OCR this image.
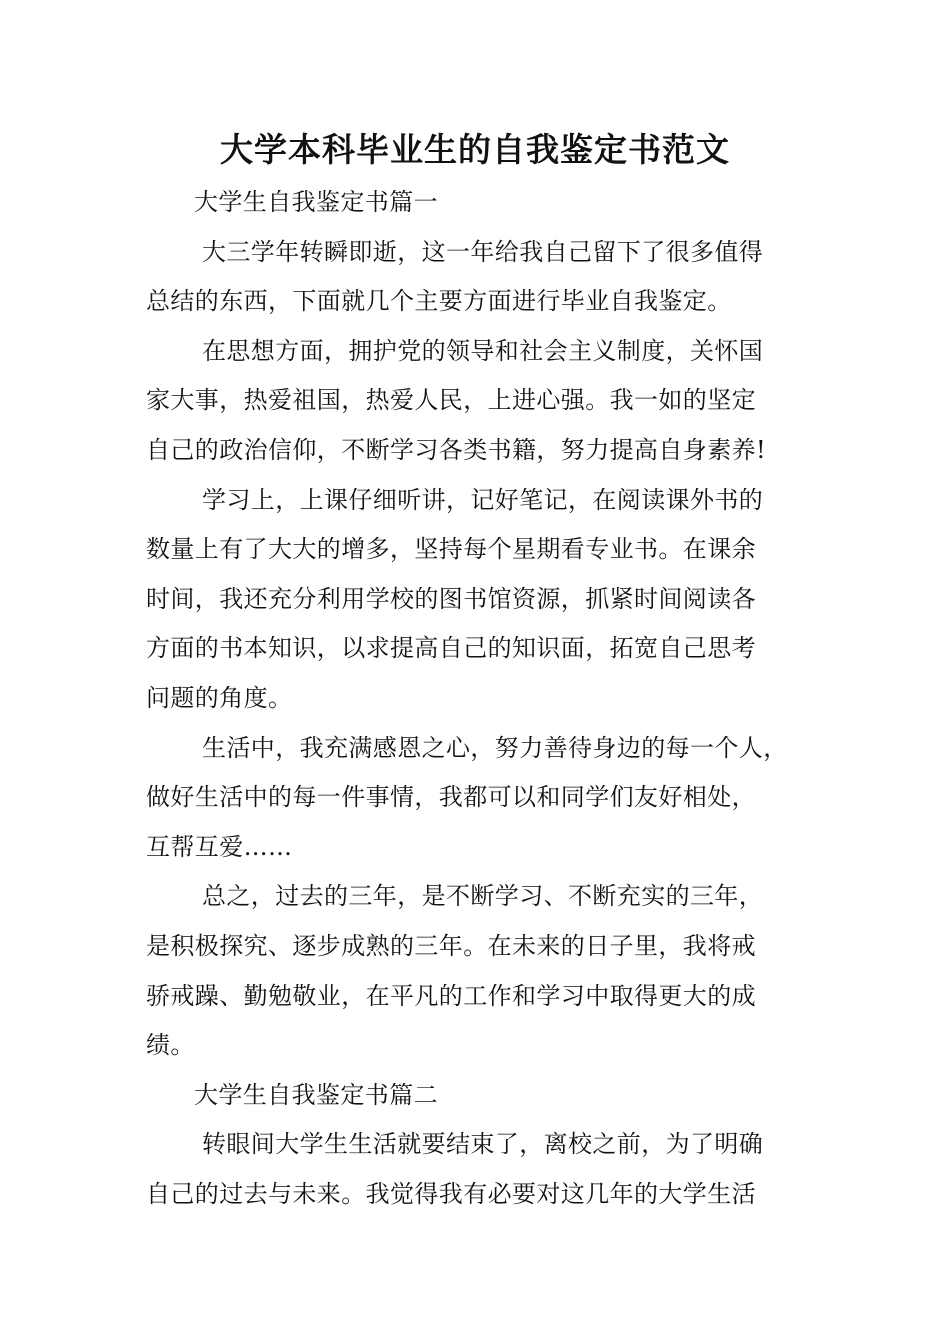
大学本科毕业生的自我鉴定书范文
大学生自我鉴定书篇一
大三学年转瞬即逝，这一年给我自己留下了很多值得
总结的东西，下面就几个主要方面进行毕业自我鉴定。
在思想方面，拥护党的领导和社会主义制度，关怀国
家大事，热爱祖国，热爱人民，上进心强。我一如的坚定
自己的政治信仰，不断学习各类书籍，努力提高自身素养!
学习上，上课仔细听讲，记好笔记，在阅读课外书的
数量上有了大大的增多，坚持每个星期看专业书。在课余
时间，我还充分利用学校的图书馆资源，抓紧时间阅读各
方面的书本知识，以求提高自己的知识面，拓宽自己思考
问题的角度。
生活中，我充满感恩之心，努力善待身边的每一个人，
做好生活中的每一件事情，我都可以和同学们友好相处，
互帮互爱……
总之，过去的三年，是不断学习、不断充实的三年，
是积极探究、逐步成熟的三年。在未来的日子里，我将戒
骄戒躁、勤勉敬业，在平凡的工作和学习中取得更大的成
绩。
大学生自我鉴定书篇二
转眼间大学生生活就要结束了，离校之前，为了明确
自己的过去与未来。我觉得我有必要对这几年的大学生活
